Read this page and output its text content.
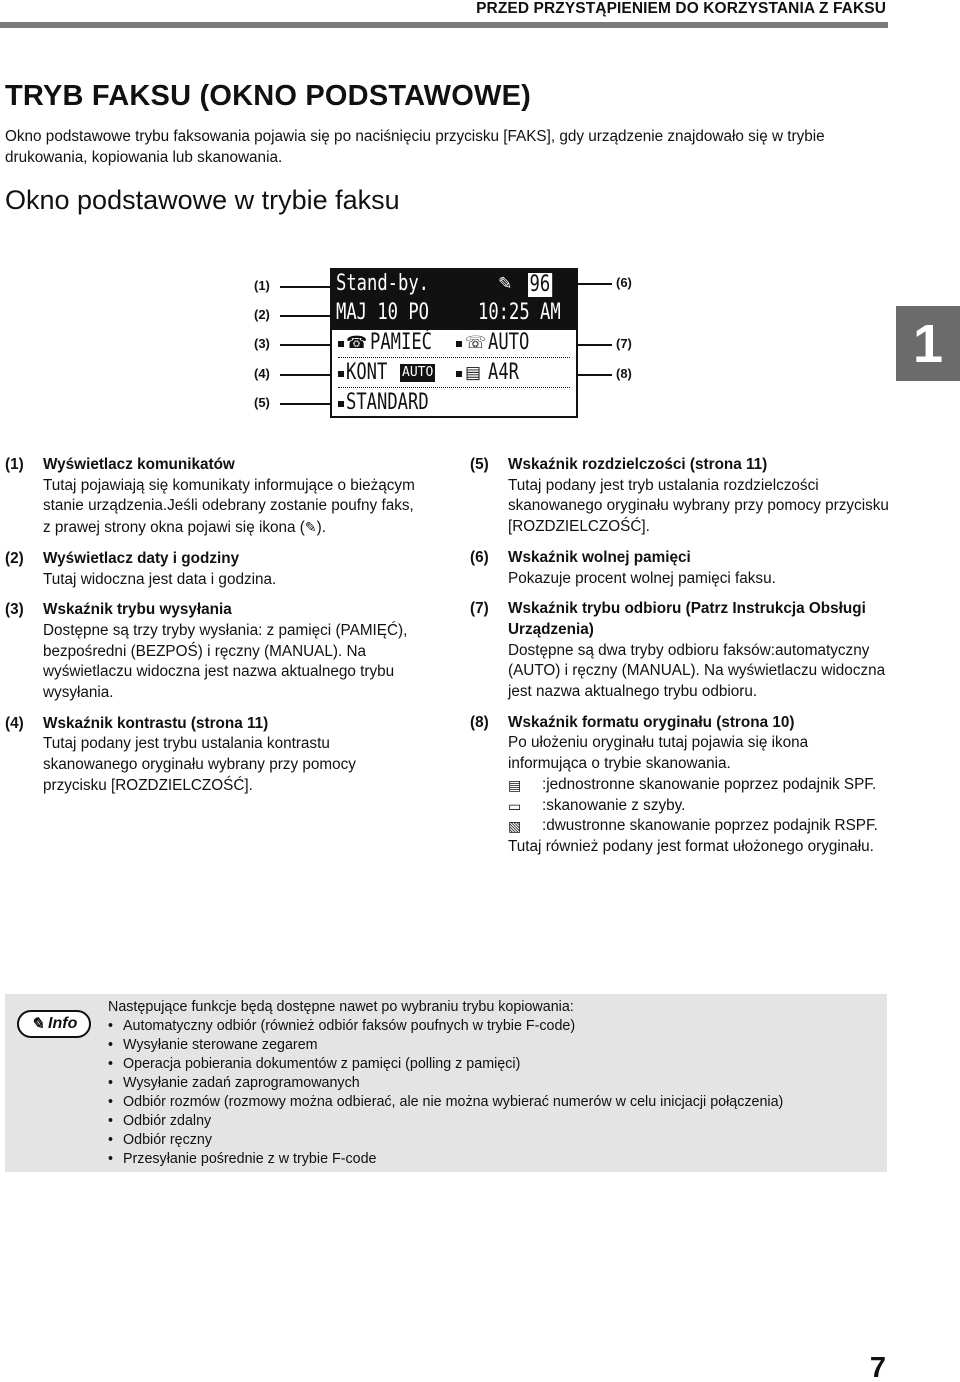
PRZED PRZYSTĄPIENIEM DO KORZYSTANIA Z FAKSU
1
TRYB FAKSU (OKNO PODSTAWOWE)

Okno podstawowe trybu faksowania pojawia się po naciśnięciu przycisku [FAKS], gdy urządzenie znajdowało się w trybie drukowania, kopiowania lub skanowania.

Okno podstawowe w trybie faksu
(1)
(2)
(3)
(4)
(5)
(6)
(7)
(8)
Stand-by.	✎ 96 %
MAJ 10 PO 10:25 AM
☎ PAMIEĆ ☏ AUTO
KONT AUTO ▤ A4R
STANDARD
(1) Wyświetlacz komunikatów
Tutaj pojawiają się komunikaty informujące o bieżącym stanie urządzenia.Jeśli odebrany zostanie poufny faks, z prawej strony okna pojawi się ikona (✎).
(2) Wyświetlacz daty i godziny
Tutaj widoczna jest data i godzina.
(3) Wskaźnik trybu wysyłania
Dostępne są trzy tryby wysłania: z pamięci (PAMIĘĆ), bezpośredni (BEZPOŚ) i ręczny (MANUAL). Na wyświetlaczu widoczna jest nazwa aktualnego trybu wysyłania.
(4) Wskaźnik kontrastu (strona 11)
Tutaj podany jest trybu ustalania kontrastu skanowanego oryginału wybrany przy pomocy przycisku [ROZDZIELCZOŚĆ].
(5) Wskaźnik rozdzielczości (strona 11)
Tutaj podany jest tryb ustalania rozdzielczości skanowanego oryginału wybrany przy pomocy przycisku [ROZDZIELCZOŚĆ].
(6) Wskaźnik wolnej pamięci
Pokazuje procent wolnej pamięci faksu.
(7) Wskaźnik trybu odbioru (Patrz Instrukcja Obsługi Urządzenia)
Dostępne są dwa tryby odbioru faksów:automatyczny (AUTO) i ręczny (MANUAL). Na wyświetlaczu widoczna jest nazwa aktualnego trybu odbioru.
(8) Wskaźnik formatu oryginału (strona 10)
Po ułożeniu oryginału tutaj pojawia się ikona informująca o trybie skanowania.
▤ :jednostronne skanowanie poprzez podajnik SPF.
▭ :skanowanie z szyby.
▧ :dwustronne skanowanie poprzez podajnik RSPF.
Tutaj również podany jest format ułożonego oryginału.
✎ Info
Następujące funkcje będą dostępne nawet po wybraniu trybu kopiowania:
• Automatyczny odbiór (również odbiór faksów poufnych w trybie F-code)
• Wysyłanie sterowane zegarem
• Operacja pobierania dokumentów z pamięci (polling z pamięci)
• Wysyłanie zadań zaprogramowanych
• Odbiór rozmów (rozmowy można odbierać, ale nie można wybierać numerów w celu inicjacji połączenia)
• Odbiór zdalny
• Odbiór ręczny
• Przesyłanie pośrednie z w trybie F-code
7
